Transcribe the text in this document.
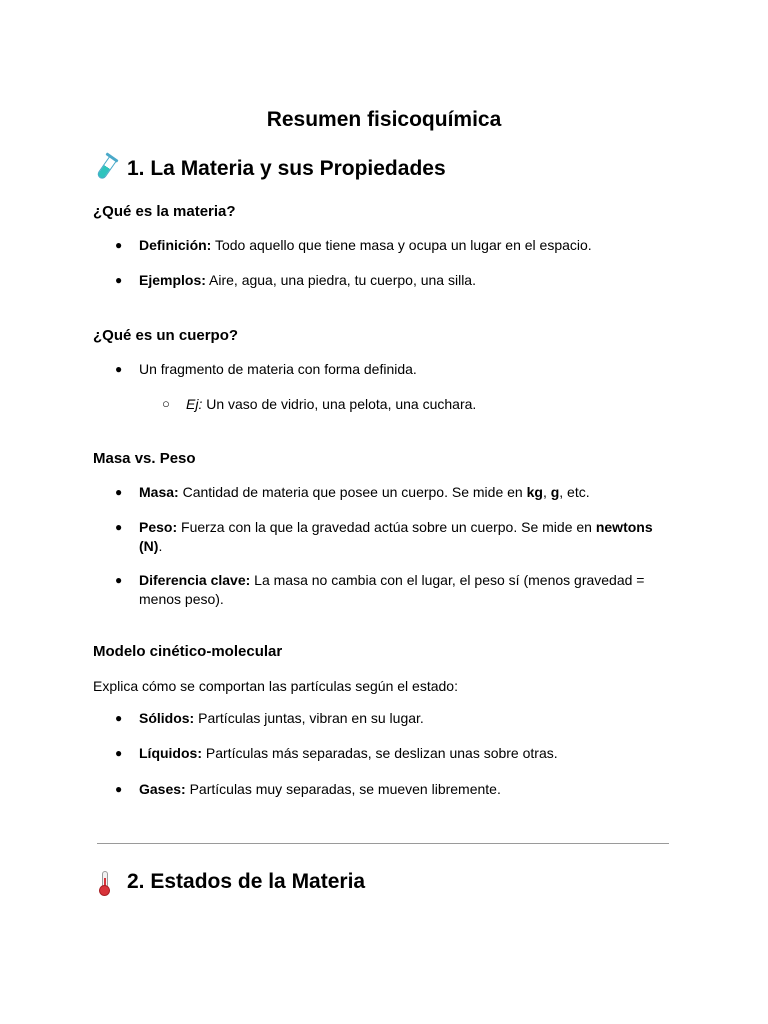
Resumen fisicoquímica
1. La Materia y sus Propiedades
¿Qué es la materia?
● Definición: Todo aquello que tiene masa y ocupa un lugar en el espacio.
● Ejemplos: Aire, agua, una piedra, tu cuerpo, una silla.
¿Qué es un cuerpo?
● Un fragmento de materia con forma definida.
○ Ej: Un vaso de vidrio, una pelota, una cuchara.
Masa vs. Peso
● Masa: Cantidad de materia que posee un cuerpo. Se mide en kg, g, etc.
● Peso: Fuerza con la que la gravedad actúa sobre un cuerpo. Se mide en newtons (N).
● Diferencia clave: La masa no cambia con el lugar, el peso sí (menos gravedad = menos peso).
Modelo cinético-molecular
Explica cómo se comportan las partículas según el estado:
● Sólidos: Partículas juntas, vibran en su lugar.
● Líquidos: Partículas más separadas, se deslizan unas sobre otras.
● Gases: Partículas muy separadas, se mueven libremente.
2. Estados de la Materia
